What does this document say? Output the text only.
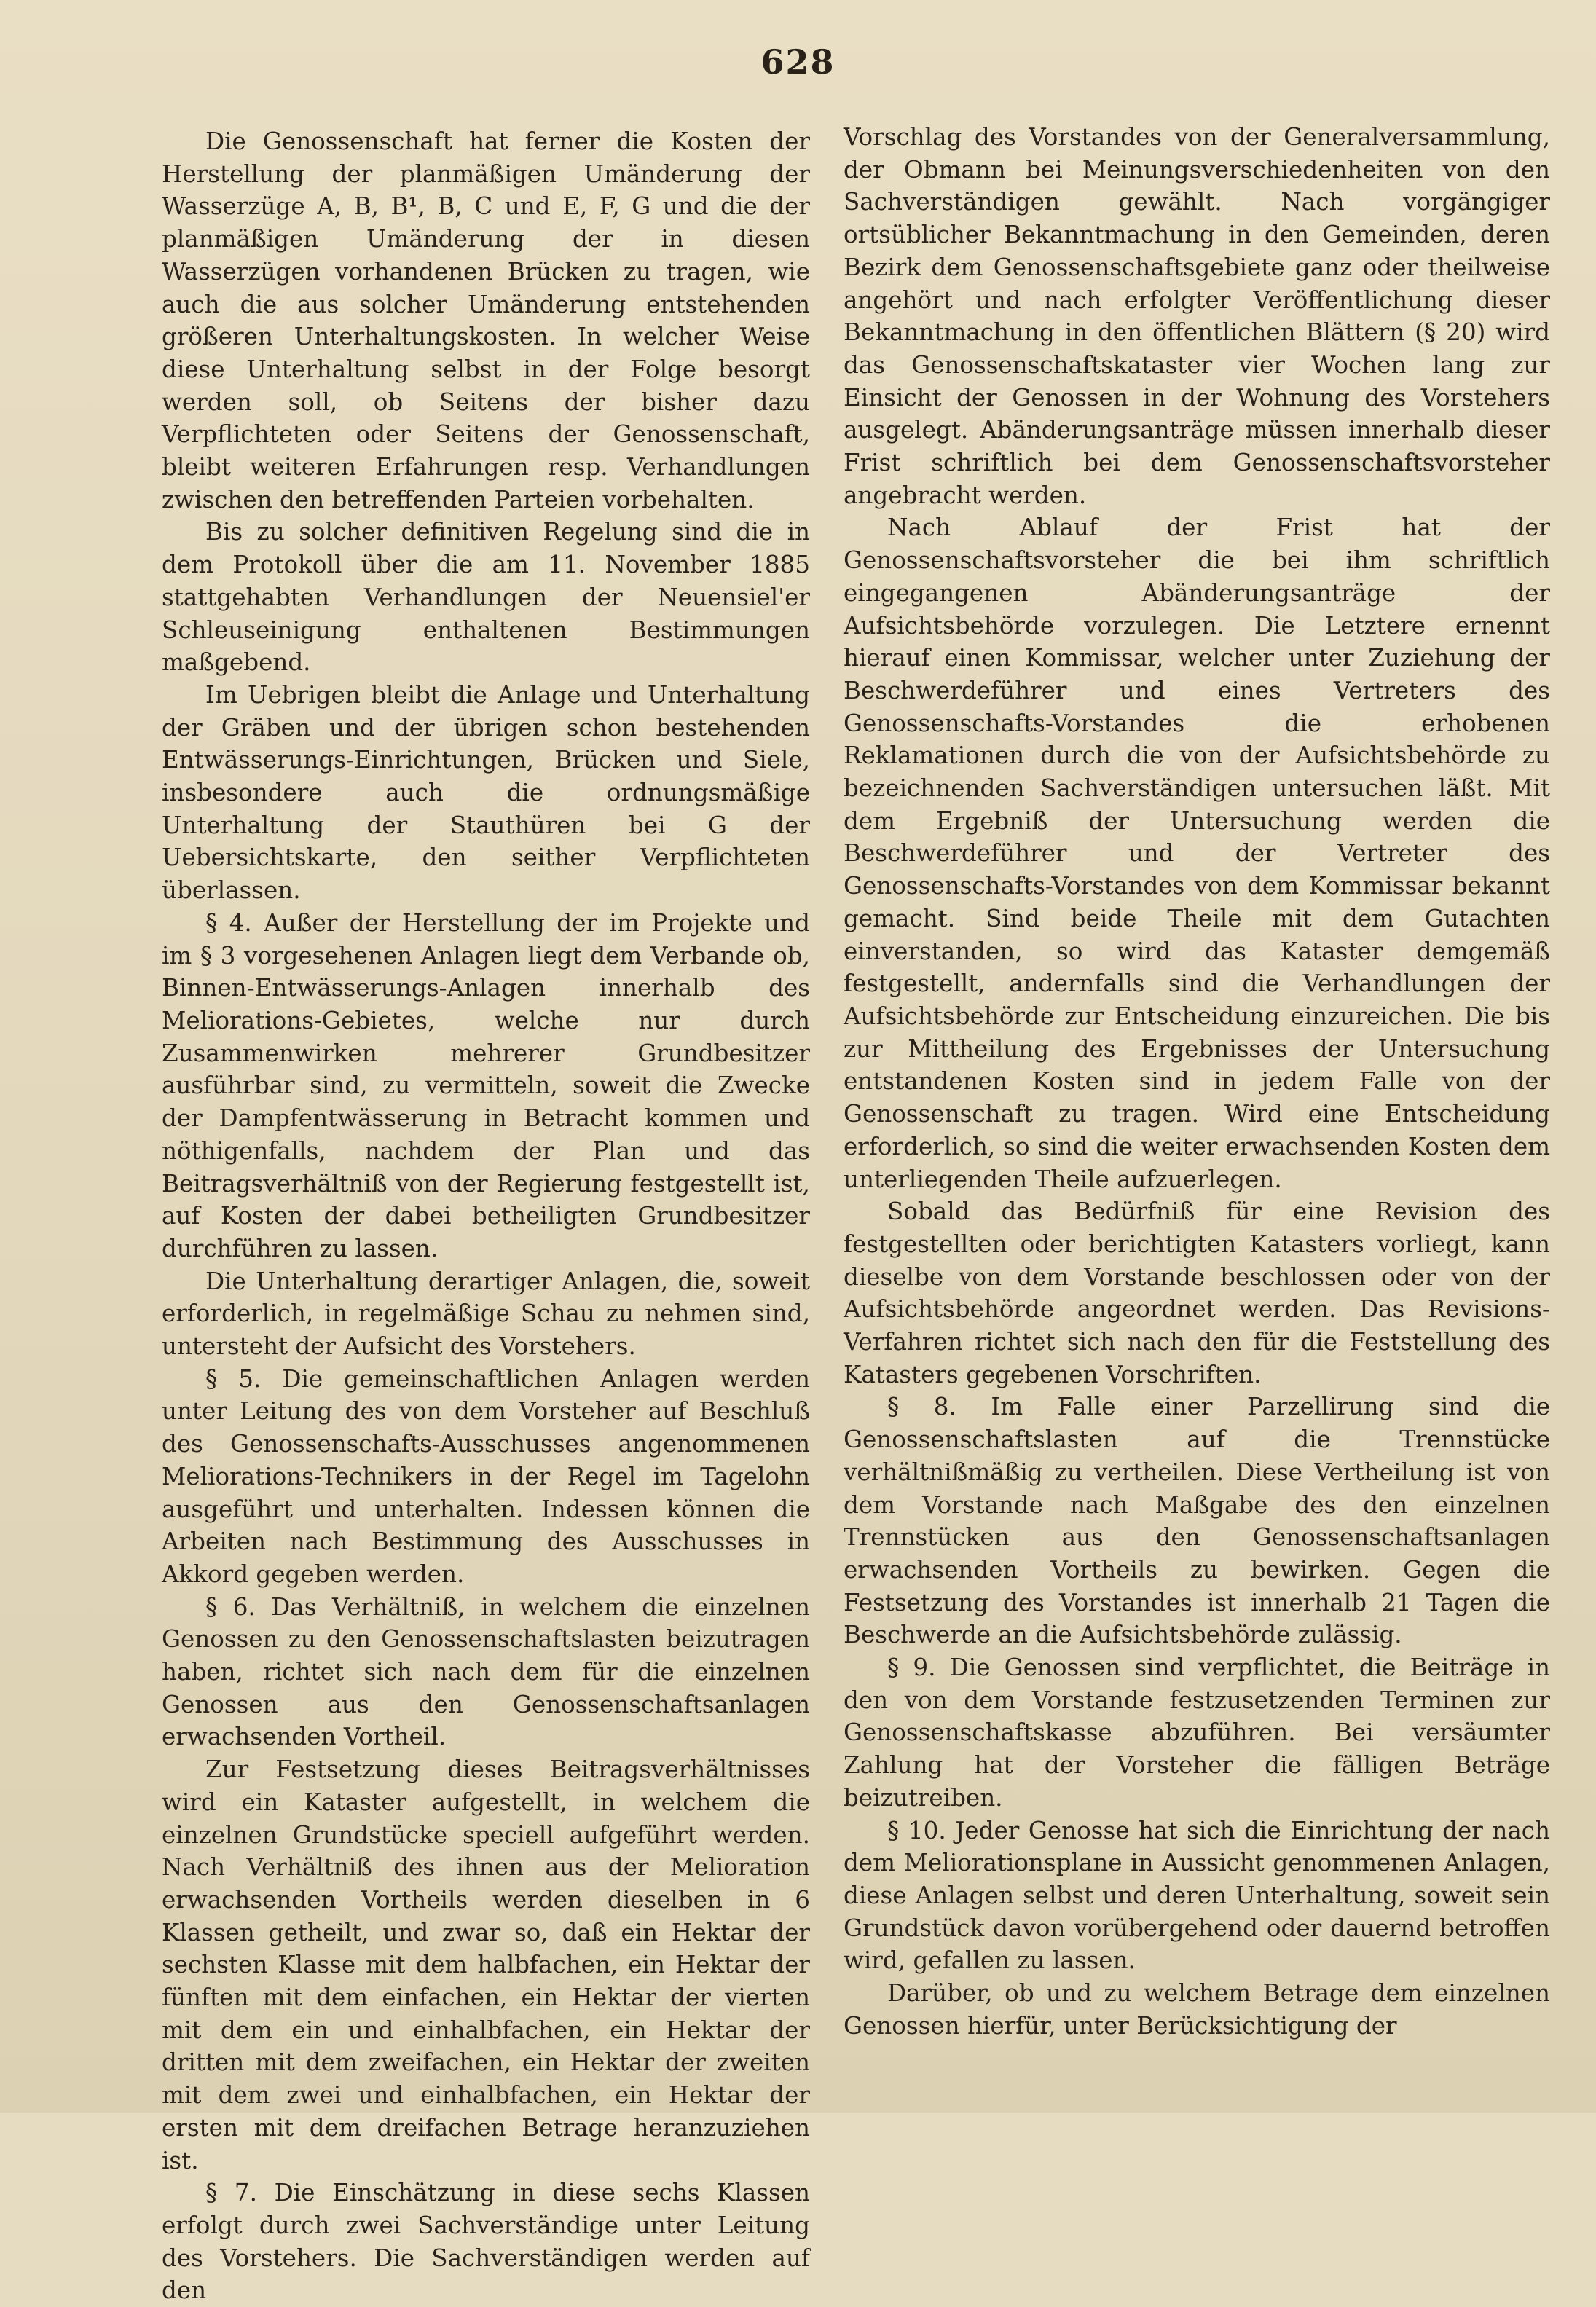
628

Die Genossenschaft hat ferner die Kosten der Herstellung der planmäßigen Umänderung der Wasserzüge A, B, B¹, B, C und E, F, G und die der planmäßigen Umänderung der in diesen Wasserzügen vorhandenen Brücken zu tragen, wie auch die aus solcher Umänderung entstehenden größeren Unterhaltungskosten. In welcher Weise diese Unterhaltung selbst in der Folge besorgt werden soll, ob Seitens der bisher dazu Verpflichteten oder Seitens der Genossenschaft, bleibt weiteren Erfahrungen resp. Verhandlungen zwischen den betreffenden Parteien vorbehalten.

Bis zu solcher definitiven Regelung sind die in dem Protokoll über die am 11. November 1885 stattgehabten Verhandlungen der Neuensiel'er Schleuseinigung enthaltenen Bestimmungen maßgebend.

Im Uebrigen bleibt die Anlage und Unterhaltung der Gräben und der übrigen schon bestehenden Entwässerungs-Einrichtungen, Brücken und Siele, insbesondere auch die ordnungsmäßige Unterhaltung der Stauthüren bei G der Uebersichtskarte, den seither Verpflichteten überlassen.

§ 4. Außer der Herstellung der im Projekte und im § 3 vorgesehenen Anlagen liegt dem Verbande ob, Binnen-Entwässerungs-Anlagen innerhalb des Meliorations-Gebietes, welche nur durch Zusammenwirken mehrerer Grundbesitzer ausführbar sind, zu vermitteln, soweit die Zwecke der Dampfentwässerung in Betracht kommen und nöthigenfalls, nachdem der Plan und das Beitragsverhältniß von der Regierung festgestellt ist, auf Kosten der dabei betheiligten Grundbesitzer durchführen zu lassen.

Die Unterhaltung derartiger Anlagen, die, soweit erforderlich, in regelmäßige Schau zu nehmen sind, untersteht der Aufsicht des Vorstehers.

§ 5. Die gemeinschaftlichen Anlagen werden unter Leitung des von dem Vorsteher auf Beschluß des Genossenschafts-Ausschusses angenommenen Meliorations-Technikers in der Regel im Tagelohn ausgeführt und unterhalten. Indessen können die Arbeiten nach Bestimmung des Ausschusses in Akkord gegeben werden.

§ 6. Das Verhältniß, in welchem die einzelnen Genossen zu den Genossenschaftslasten beizutragen haben, richtet sich nach dem für die einzelnen Genossen aus den Genossenschaftsanlagen erwachsenden Vortheil.

Zur Festsetzung dieses Beitragsverhältnisses wird ein Kataster aufgestellt, in welchem die einzelnen Grundstücke speciell aufgeführt werden. Nach Verhältniß des ihnen aus der Melioration erwachsenden Vortheils werden dieselben in 6 Klassen getheilt, und zwar so, daß ein Hektar der sechsten Klasse mit dem halbfachen, ein Hektar der fünften mit dem einfachen, ein Hektar der vierten mit dem ein und einhalbfachen, ein Hektar der dritten mit dem zweifachen, ein Hektar der zweiten mit dem zwei und einhalbfachen, ein Hektar der ersten mit dem dreifachen Betrage heranzuziehen ist.

§ 7. Die Einschätzung in diese sechs Klassen erfolgt durch zwei Sachverständige unter Leitung des Vorstehers. Die Sachverständigen werden auf den

Vorschlag des Vorstandes von der Generalversammlung, der Obmann bei Meinungsverschiedenheiten von den Sachverständigen gewählt. Nach vorgängiger ortsüblicher Bekanntmachung in den Gemeinden, deren Bezirk dem Genossenschaftsgebiete ganz oder theilweise angehört und nach erfolgter Veröffentlichung dieser Bekanntmachung in den öffentlichen Blättern (§ 20) wird das Genossenschaftskataster vier Wochen lang zur Einsicht der Genossen in der Wohnung des Vorstehers ausgelegt. Abänderungsanträge müssen innerhalb dieser Frist schriftlich bei dem Genossenschaftsvorsteher angebracht werden.

Nach Ablauf der Frist hat der Genossenschaftsvorsteher die bei ihm schriftlich eingegangenen Abänderungsanträge der Aufsichtsbehörde vorzulegen. Die Letztere ernennt hierauf einen Kommissar, welcher unter Zuziehung der Beschwerdeführer und eines Vertreters des Genossenschafts-Vorstandes die erhobenen Reklamationen durch die von der Aufsichtsbehörde zu bezeichnenden Sachverständigen untersuchen läßt. Mit dem Ergebniß der Untersuchung werden die Beschwerdeführer und der Vertreter des Genossenschafts-Vorstandes von dem Kommissar bekannt gemacht. Sind beide Theile mit dem Gutachten einverstanden, so wird das Kataster demgemäß festgestellt, andernfalls sind die Verhandlungen der Aufsichtsbehörde zur Entscheidung einzureichen. Die bis zur Mittheilung des Ergebnisses der Untersuchung entstandenen Kosten sind in jedem Falle von der Genossenschaft zu tragen. Wird eine Entscheidung erforderlich, so sind die weiter erwachsenden Kosten dem unterliegenden Theile aufzuerlegen.

Sobald das Bedürfniß für eine Revision des festgestellten oder berichtigten Katasters vorliegt, kann dieselbe von dem Vorstande beschlossen oder von der Aufsichtsbehörde angeordnet werden. Das Revisions-Verfahren richtet sich nach den für die Feststellung des Katasters gegebenen Vorschriften.

§ 8. Im Falle einer Parzellirung sind die Genossenschaftslasten auf die Trennstücke verhältnißmäßig zu vertheilen. Diese Vertheilung ist von dem Vorstande nach Maßgabe des den einzelnen Trennstücken aus den Genossenschaftsanlagen erwachsenden Vortheils zu bewirken. Gegen die Festsetzung des Vorstandes ist innerhalb 21 Tagen die Beschwerde an die Aufsichtsbehörde zulässig.

§ 9. Die Genossen sind verpflichtet, die Beiträge in den von dem Vorstande festzusetzenden Terminen zur Genossenschaftskasse abzuführen. Bei versäumter Zahlung hat der Vorsteher die fälligen Beträge beizutreiben.

§ 10. Jeder Genosse hat sich die Einrichtung der nach dem Meliorationsplane in Aussicht genommenen Anlagen, diese Anlagen selbst und deren Unterhaltung, soweit sein Grundstück davon vorübergehend oder dauernd betroffen wird, gefallen zu lassen.

Darüber, ob und zu welchem Betrage dem einzelnen Genossen hierfür, unter Berücksichtigung der
